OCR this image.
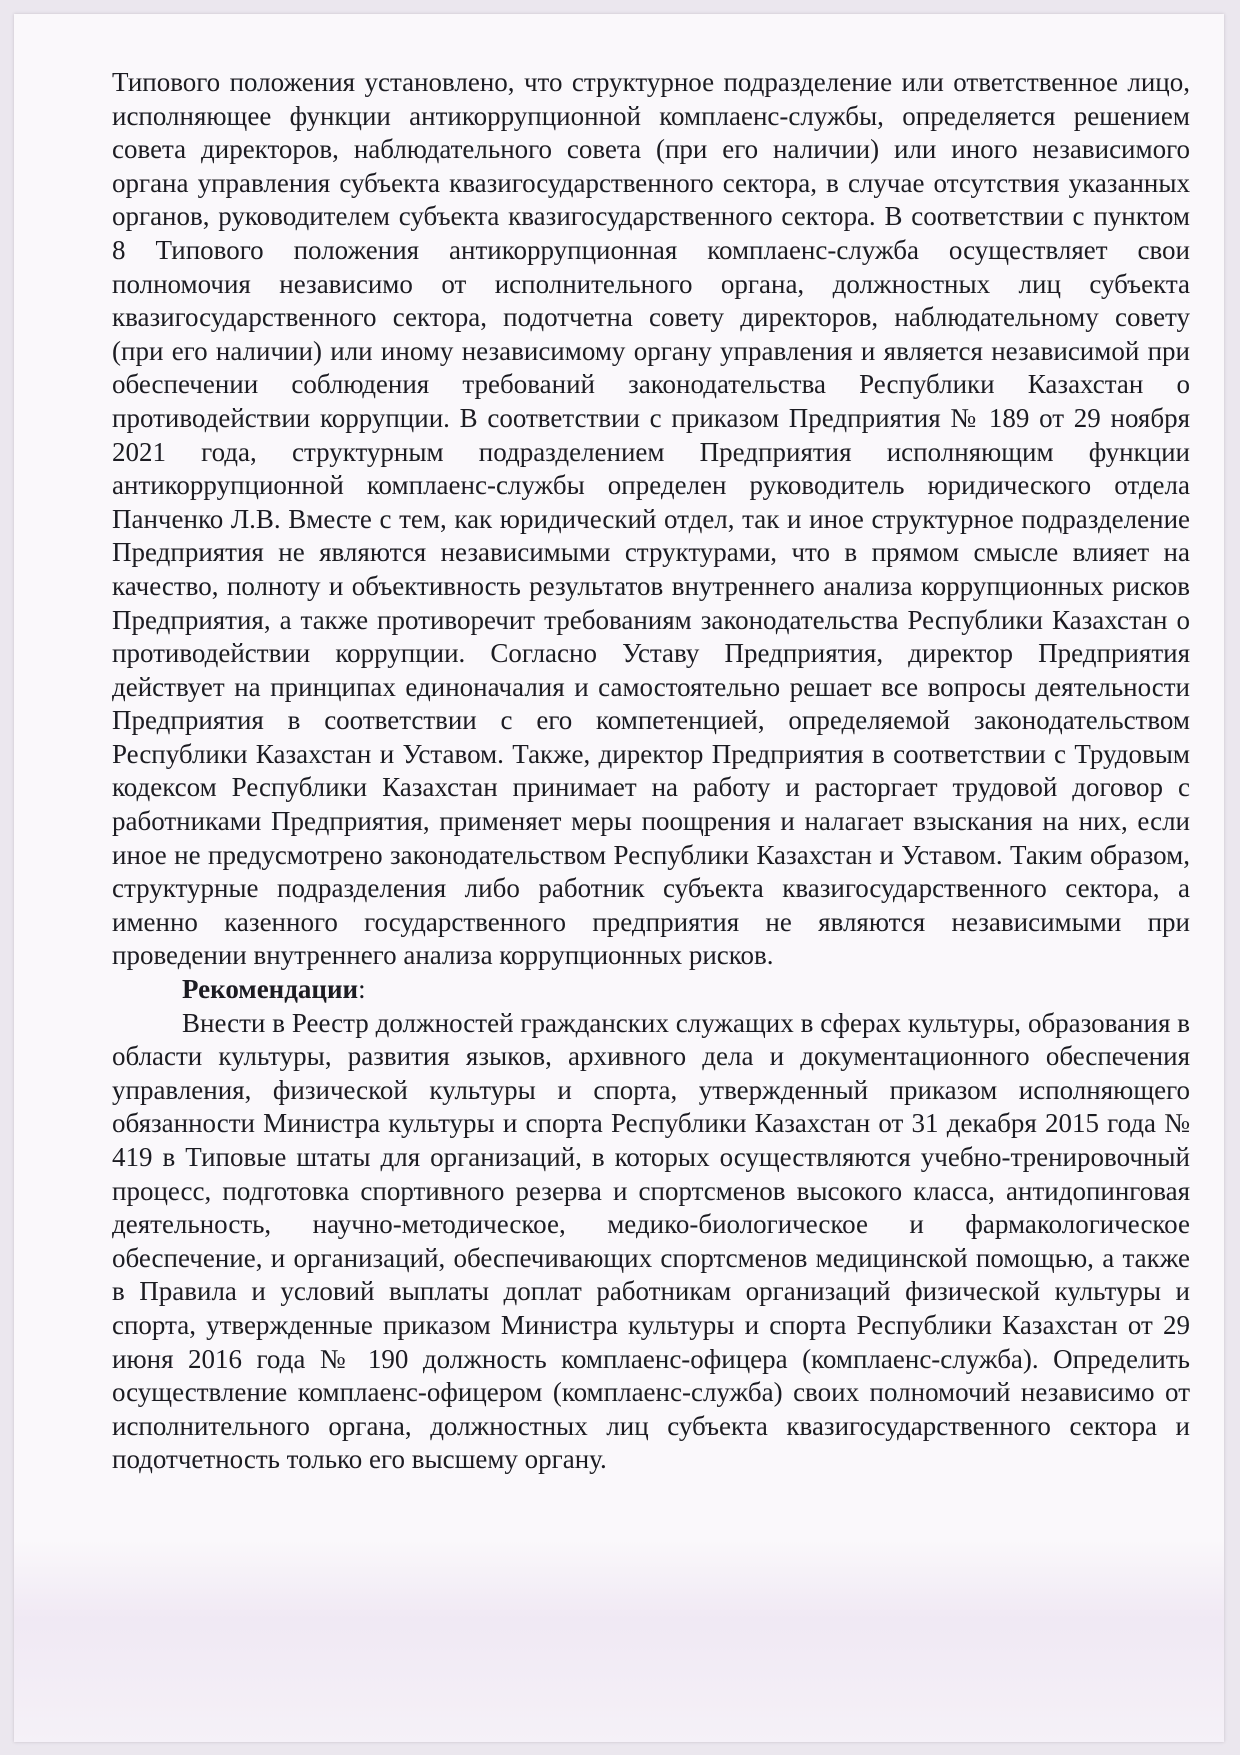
Типового положения установлено, что структурное подразделение или ответственное лицо, исполняющее функции антикоррупционной комплаенс-службы, определяется решением совета директоров, наблюдательного совета (при его наличии) или иного независимого органа управления субъекта квазигосударственного сектора, в случае отсутствия указанных органов, руководителем субъекта квазигосударственного сектора. В соответствии с пунктом 8 Типового положения антикоррупционная комплаенс-служба осуществляет свои полномочия независимо от исполнительного органа, должностных лиц субъекта квазигосударственного сектора, подотчетна совету директоров, наблюдательному совету (при его наличии) или иному независимому органу управления и является независимой при обеспечении соблюдения требований законодательства Республики Казахстан о противодействии коррупции. В соответствии с приказом Предприятия № 189 от 29 ноября 2021 года, структурным подразделением Предприятия исполняющим функции антикоррупционной комплаенс-службы определен руководитель юридического отдела Панченко Л.В. Вместе с тем, как юридический отдел, так и иное структурное подразделение Предприятия не являются независимыми структурами, что в прямом смысле влияет на качество, полноту и объективность результатов внутреннего анализа коррупционных рисков Предприятия, а также противоречит требованиям законодательства Республики Казахстан о противодействии коррупции. Согласно Уставу Предприятия, директор Предприятия действует на принципах единоначалия и самостоятельно решает все вопросы деятельности Предприятия в соответствии с его компетенцией, определяемой законодательством Республики Казахстан и Уставом. Также, директор Предприятия в соответствии с Трудовым кодексом Республики Казахстан принимает на работу и расторгает трудовой договор с работниками Предприятия, применяет меры поощрения и налагает взыскания на них, если иное не предусмотрено законодательством Республики Казахстан и Уставом. Таким образом, структурные подразделения либо работник субъекта квазигосударственного сектора, а именно казенного государственного предприятия не являются независимыми при проведении внутреннего анализа коррупционных рисков.

Рекомендации:

Внести в Реестр должностей гражданских служащих в сферах культуры, образования в области культуры, развития языков, архивного дела и документационного обеспечения управления, физической культуры и спорта, утвержденный приказом исполняющего обязанности Министра культуры и спорта Республики Казахстан от 31 декабря 2015 года № 419 в Типовые штаты для организаций, в которых осуществляются учебно-тренировочный процесс, подготовка спортивного резерва и спортсменов высокого класса, антидопинговая деятельность, научно-методическое, медико-биологическое и фармакологическое обеспечение, и организаций, обеспечивающих спортсменов медицинской помощью, а также в Правила и условий выплаты доплат работникам организаций физической культуры и спорта, утвержденные приказом Министра культуры и спорта Республики Казахстан от 29 июня 2016 года № 190 должность комплаенс-офицера (комплаенс-служба). Определить осуществление комплаенс-офицером (комплаенс-служба) своих полномочий независимо от исполнительного органа, должностных лиц субъекта квазигосударственного сектора и подотчетность только его высшему органу.
